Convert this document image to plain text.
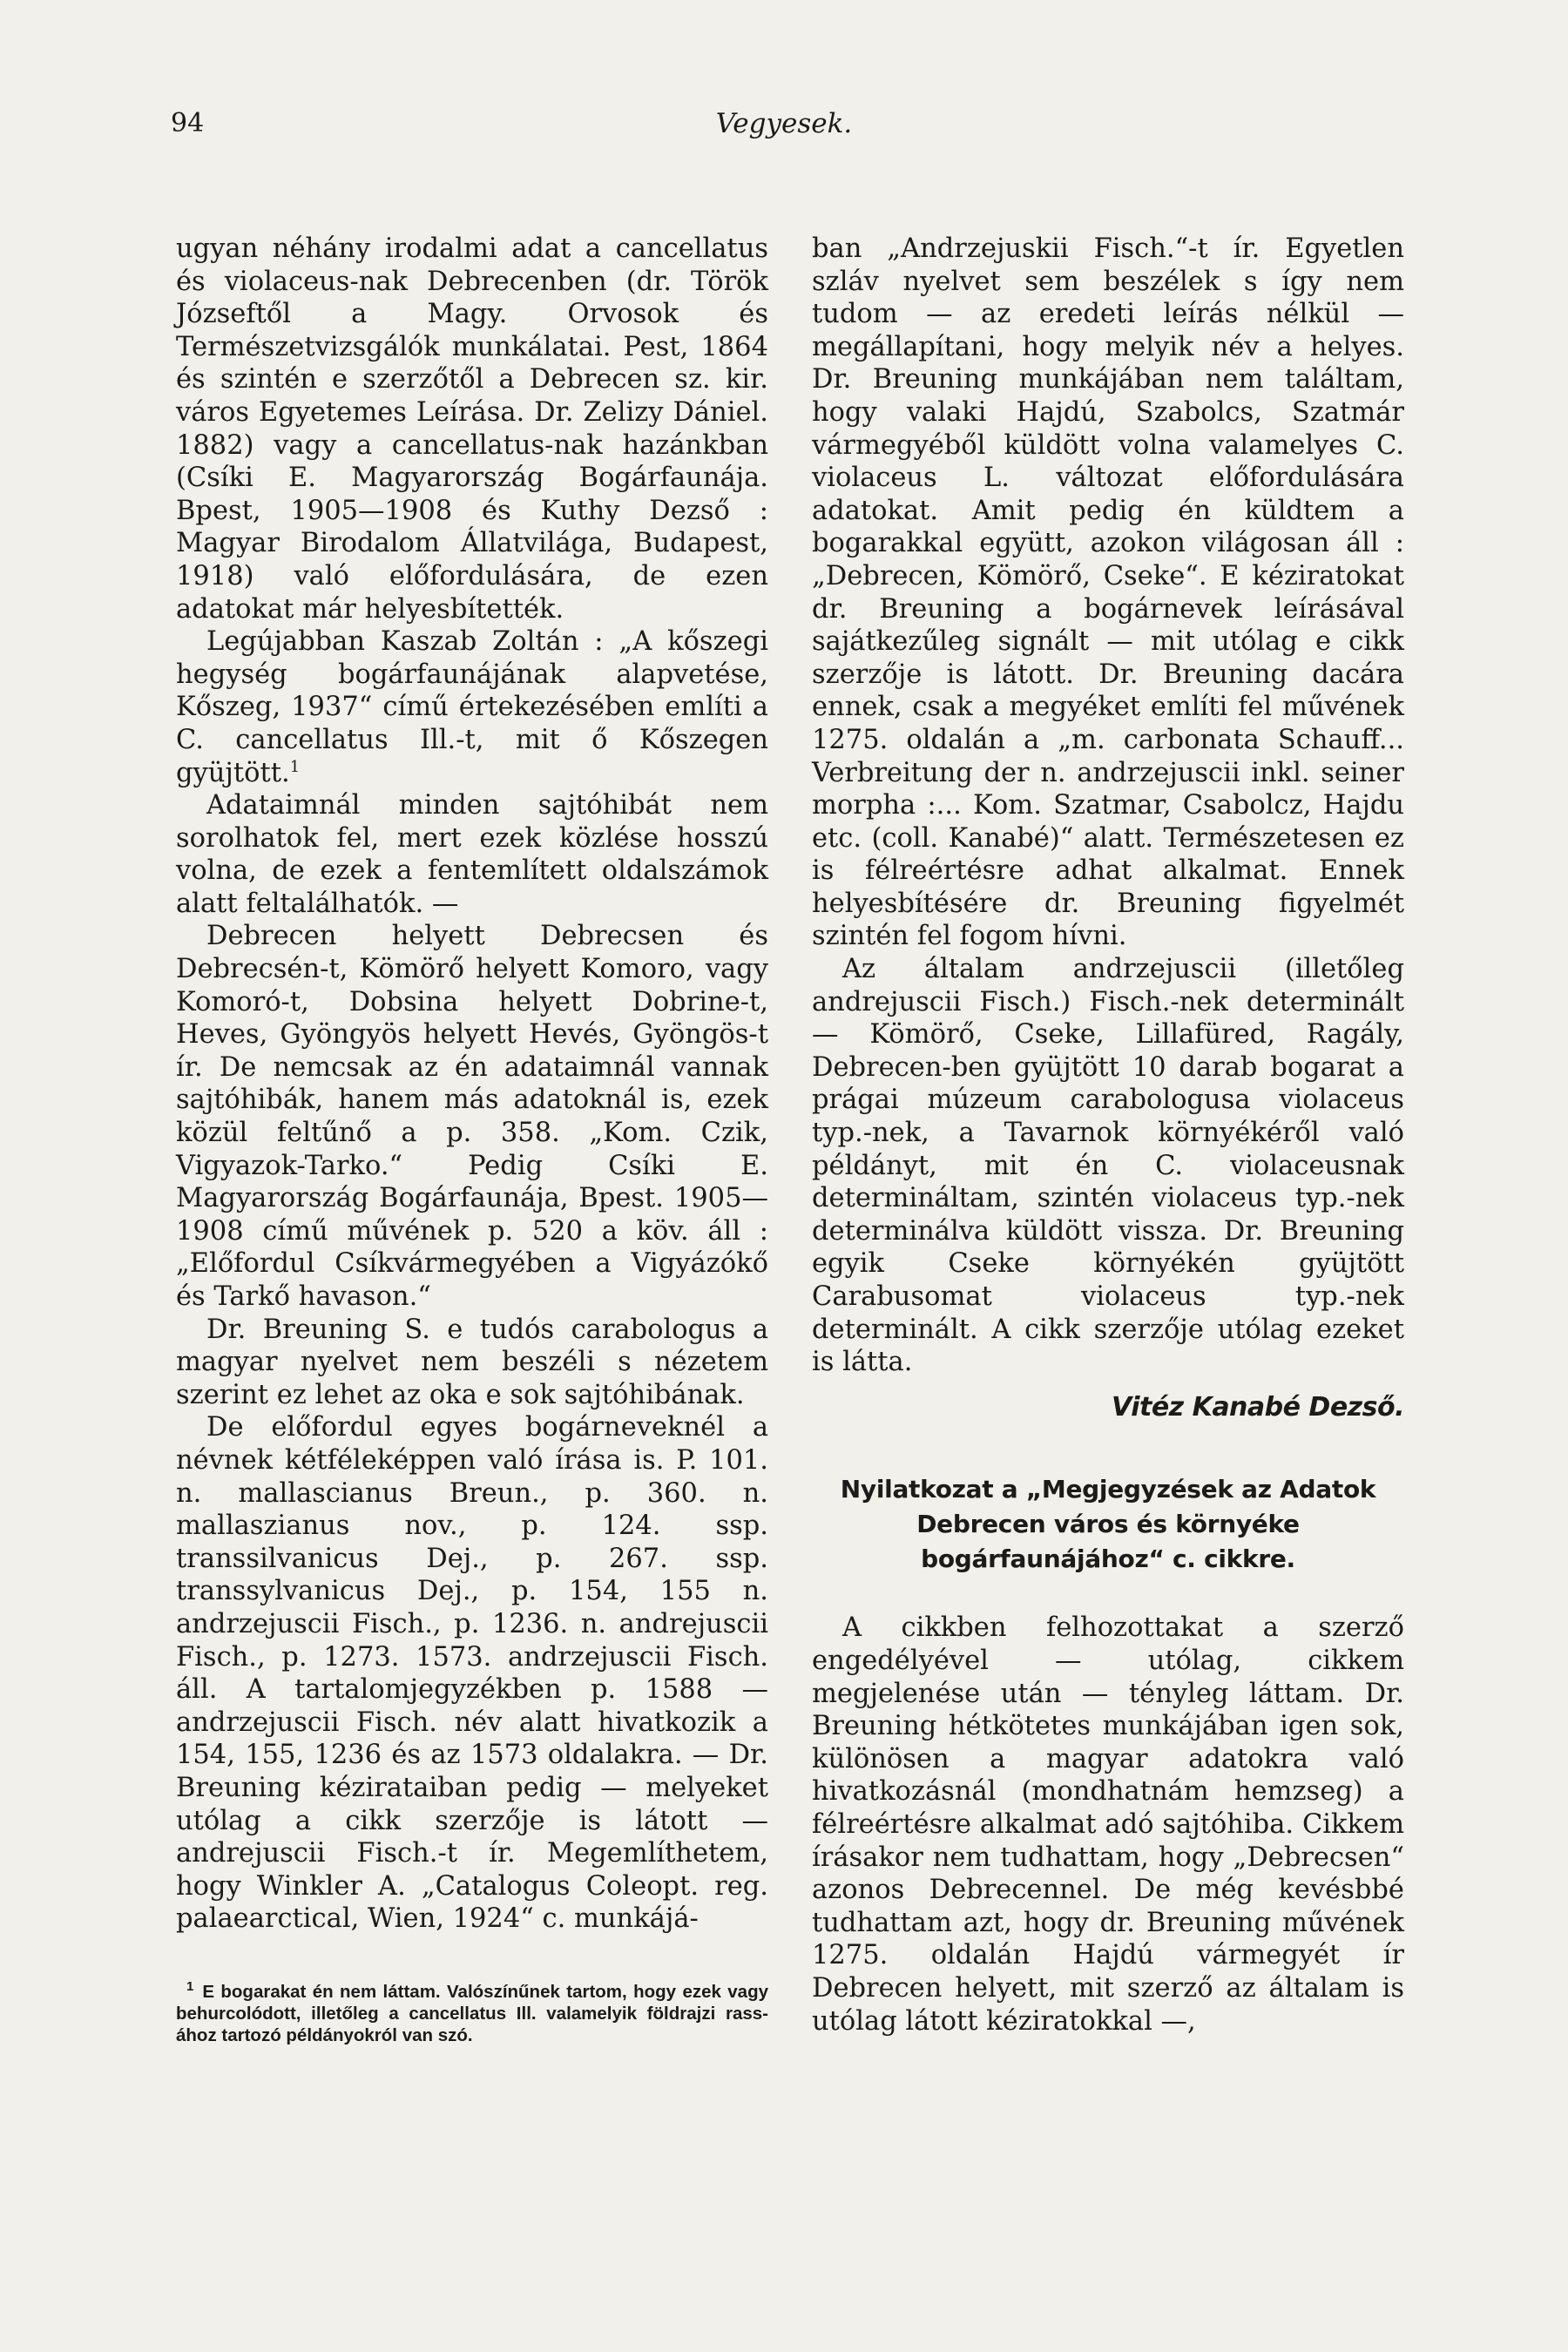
94	Vegyesek.

ugyan néhány irodalmi adat a cancellatus és violaceus-nak Debrecenben (dr. Török Józseftől a Magy. Orvosok és Természetvizsgálók munkálatai. Pest, 1864 és szintén e szerzőtől a Debrecen sz. kir. város Egyetemes Leírása. Dr. Zelizy Dániel. 1882) vagy a cancellatus-nak hazánkban (Csíki E. Magyarország Bogárfaunája. Bpest, 1905—1908 és Kuthy Dezső : Magyar Birodalom Állatvilága, Budapest, 1918) való előfordulására, de ezen adatokat már helyesbítették.

Legújabban Kaszab Zoltán : „A kőszegi hegység bogárfaunájának alapvetése, Kőszeg, 1937“ című értekezésében említi a C. cancellatus Ill.-t, mit ő Kőszegen gyüjtött.$^1$

Adataimnál minden sajtóhibát nem sorolhatok fel, mert ezek közlése hosszú volna, de ezek a fentemlített oldalszámok alatt feltalálhatók. —

Debrecen helyett Debrecsen és Debrecsén-t, Kömörő helyett Komoro, vagy Komoró-t, Dobsina helyett Dobrine-t, Heves, Gyöngyös helyett Hevés, Gyöngös-t ír. De nemcsak az én adataimnál vannak sajtóhibák, hanem más adatoknál is, ezek közül feltűnő a p. 358. „Kom. Czik, Vigyazok-Tarko.“ Pedig Csíki E. Magyarország Bogárfaunája, Bpest. 1905—1908 című művének p. 520 a köv. áll : „Előfordul Csíkvármegyében a Vigyázókő és Tarkő havason.“

Dr. Breuning S. e tudós carabologus a magyar nyelvet nem beszéli s nézetem szerint ez lehet az oka e sok sajtóhibának.

De előfordul egyes bogárneveknél a névnek kétféleképpen való írása is. P. 101. n. mallascianus Breun., p. 360. n. mallaszianus nov., p. 124. ssp. transsilvanicus Dej., p. 267. ssp. transsylvanicus Dej., p. 154, 155 n. andrzejuscii Fisch., p. 1236. n. andrejuscii Fisch., p. 1273. 1573. andrzejuscii Fisch. áll. A tartalomjegyzékben p. 1588 — andrzejuscii Fisch. név alatt hivatkozik a 154, 155, 1236 és az 1573 oldalakra. — Dr. Breuning kézirataiban pedig — melyeket utólag a cikk szerzője is látott — andrejuscii Fisch.-t ír. Megemlíthetem, hogy Winkler A. „Catalogus Coleopt. reg. palaearctical, Wien, 1924“ c. munkájá-

$^1$ E bogarakat én nem láttam. Valószínűnek tartom, hogy ezek vagy behurcolódott, illetőleg a cancellatus Ill. valamelyik földrajzi rass-ához tartozó példányokról van szó.

ban „Andrzejuskii Fisch.“-t ír. Egyetlen szláv nyelvet sem beszélek s így nem tudom — az eredeti leírás nélkül — megállapítani, hogy melyik név a helyes. Dr. Breuning munkájában nem találtam, hogy valaki Hajdú, Szabolcs, Szatmár vármegyéből küldött volna valamelyes C. violaceus L. változat előfordulására adatokat. Amit pedig én küldtem a bogarakkal együtt, azokon világosan áll : „Debrecen, Kömörő, Cseke“. E kéziratokat dr. Breuning a bogárnevek leírásával sajátkezűleg signált — mit utólag e cikk szerzője is látott. Dr. Breuning dacára ennek, csak a megyéket említi fel művének 1275. oldalán a „m. carbonata Schauff... Verbreitung der n. andrzejuscii inkl. seiner morpha :... Kom. Szatmar, Csabolcz, Hajdu etc. (coll. Kanabé)“ alatt. Természetesen ez is félreértésre adhat alkalmat. Ennek helyesbítésére dr. Breuning figyelmét szintén fel fogom hívni.

Az általam andrzejuscii (illetőleg andrejuscii Fisch.) Fisch.-nek determinált — Kömörő, Cseke, Lillafüred, Ragály, Debrecen-ben gyüjtött 10 darab bogarat a prágai múzeum carabologusa violaceus typ.-nek, a Tavarnok környékéről való példányt, mit én C. violaceusnak determináltam, szintén violaceus typ.-nek determinálva küldött vissza. Dr. Breuning egyik Cseke környékén gyüjtött Carabusomat violaceus typ.-nek determinált. A cikk szerzője utólag ezeket is látta.

Vitéz Kanabé Dezső.
Nyilatkozat a „Megjegyzések az Adatok Debrecen város és környéke bogárfaunájához“ c. cikkre.

A cikkben felhozottakat a szerző engedélyével — utólag, cikkem megjelenése után — tényleg láttam. Dr. Breuning hétkötetes munkájában igen sok, különösen a magyar adatokra való hivatkozásnál (mondhatnám hemzseg) a félreértésre alkalmat adó sajtóhiba. Cikkem írásakor nem tudhattam, hogy „Debrecsen“ azonos Debrecennel. De még kevésbbé tudhattam azt, hogy dr. Breuning művének 1275. oldalán Hajdú vármegyét ír Debrecen helyett, mit szerző az általam is utólag látott kéziratokkal —,
